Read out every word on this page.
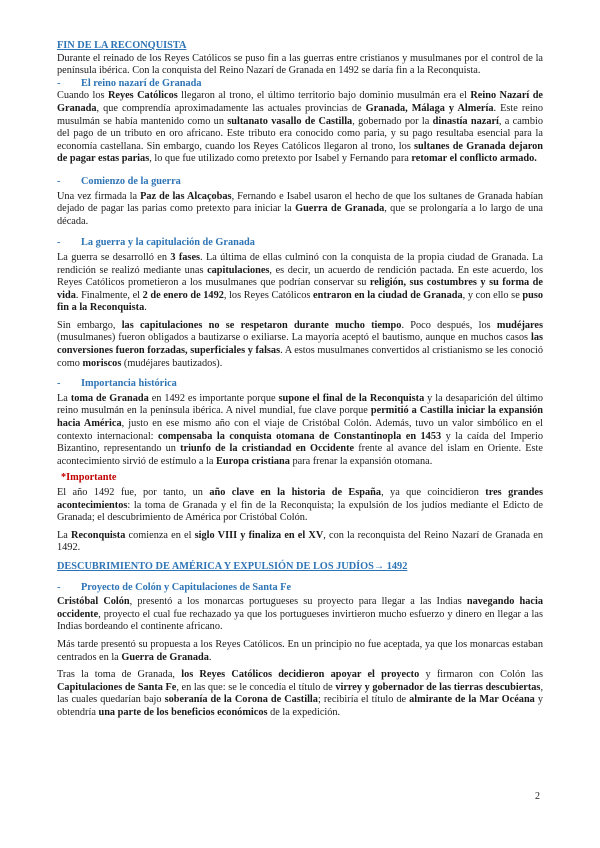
FIN DE LA RECONQUISTA

Durante el reinado de los Reyes Católicos se puso fin a las guerras entre cristianos y musulmanes por el control de la península ibérica. Con la conquista del Reino Nazarí de Granada en 1492 se daría fin a la Reconquista.

- El reino nazarí de Granada

Cuando los Reyes Católicos llegaron al trono, el último territorio bajo dominio musulmán era el Reino Nazarí de Granada, que comprendía aproximadamente las actuales provincias de Granada, Málaga y Almería. Este reino musulmán se había mantenido como un sultanato vasallo de Castilla, gobernado por la dinastía nazarí, a cambio del pago de un tributo en oro africano. Este tributo era conocido como paria, y su pago resultaba esencial para la economía castellana. Sin embargo, cuando los Reyes Católicos llegaron al trono, los sultanes de Granada dejaron de pagar estas parias, lo que fue utilizado como pretexto por Isabel y Fernando para retomar el conflicto armado.

- Comienzo de la guerra

Una vez firmada la Paz de las Alcaçobas, Fernando e Isabel usaron el hecho de que los sultanes de Granada habían dejado de pagar las parias como pretexto para iniciar la Guerra de Granada, que se prolongaría a lo largo de una década.

- La guerra y la capitulación de Granada

La guerra se desarrolló en 3 fases. La última de ellas culminó con la conquista de la propia ciudad de Granada. La rendición se realizó mediante unas capitulaciones, es decir, un acuerdo de rendición pactada. En este acuerdo, los Reyes Católicos prometieron a los musulmanes que podrían conservar su religión, sus costumbres y su forma de vida. Finalmente, el 2 de enero de 1492, los Reyes Católicos entraron en la ciudad de Granada, y con ello se puso fin a la Reconquista.

Sin embargo, las capitulaciones no se respetaron durante mucho tiempo. Poco después, los mudéjares (musulmanes) fueron obligados a bautizarse o exiliarse. La mayoría aceptó el bautismo, aunque en muchos casos las conversiones fueron forzadas, superficiales y falsas. A estos musulmanes convertidos al cristianismo se les conoció como moriscos (mudéjares bautizados).

- Importancia histórica

La toma de Granada en 1492 es importante porque supone el final de la Reconquista y la desaparición del último reino musulmán en la península ibérica. A nivel mundial, fue clave porque permitió a Castilla iniciar la expansión hacia América, justo en ese mismo año con el viaje de Cristóbal Colón. Además, tuvo un valor simbólico en el contexto internacional: compensaba la conquista otomana de Constantinopla en 1453 y la caída del Imperio Bizantino, representando un triunfo de la cristiandad en Occidente frente al avance del islam en Oriente. Este acontecimiento sirvió de estímulo a la Europa cristiana para frenar la expansión otomana.

*Importante

El año 1492 fue, por tanto, un año clave en la historia de España, ya que coincidieron tres grandes acontecimientos: la toma de Granada y el fin de la Reconquista; la expulsión de los judíos mediante el Edicto de Granada; el descubrimiento de América por Cristóbal Colón.

La Reconquista comienza en el siglo VIII y finaliza en el XV, con la reconquista del Reino Nazarí de Granada en 1492.

DESCUBRIMIENTO DE AMÉRICA Y EXPULSIÓN DE LOS JUDÍOS→ 1492

- Proyecto de Colón y Capitulaciones de Santa Fe

Cristóbal Colón, presentó a los monarcas portugueses su proyecto para llegar a las Indias navegando hacia occidente, proyecto el cual fue rechazado ya que los portugueses invirtieron mucho esfuerzo y dinero en llegar a las Indias bordeando el continente africano.

Más tarde presentó su propuesta a los Reyes Católicos. En un principio no fue aceptada, ya que los monarcas estaban centrados en la Guerra de Granada.

Tras la toma de Granada, los Reyes Católicos decidieron apoyar el proyecto y firmaron con Colón las Capitulaciones de Santa Fe, en las que: se le concedía el título de virrey y gobernador de las tierras descubiertas, las cuales quedarían bajo soberanía de la Corona de Castilla; recibiría el título de almirante de la Mar Océana y obtendría una parte de los beneficios económicos de la expedición.

2
